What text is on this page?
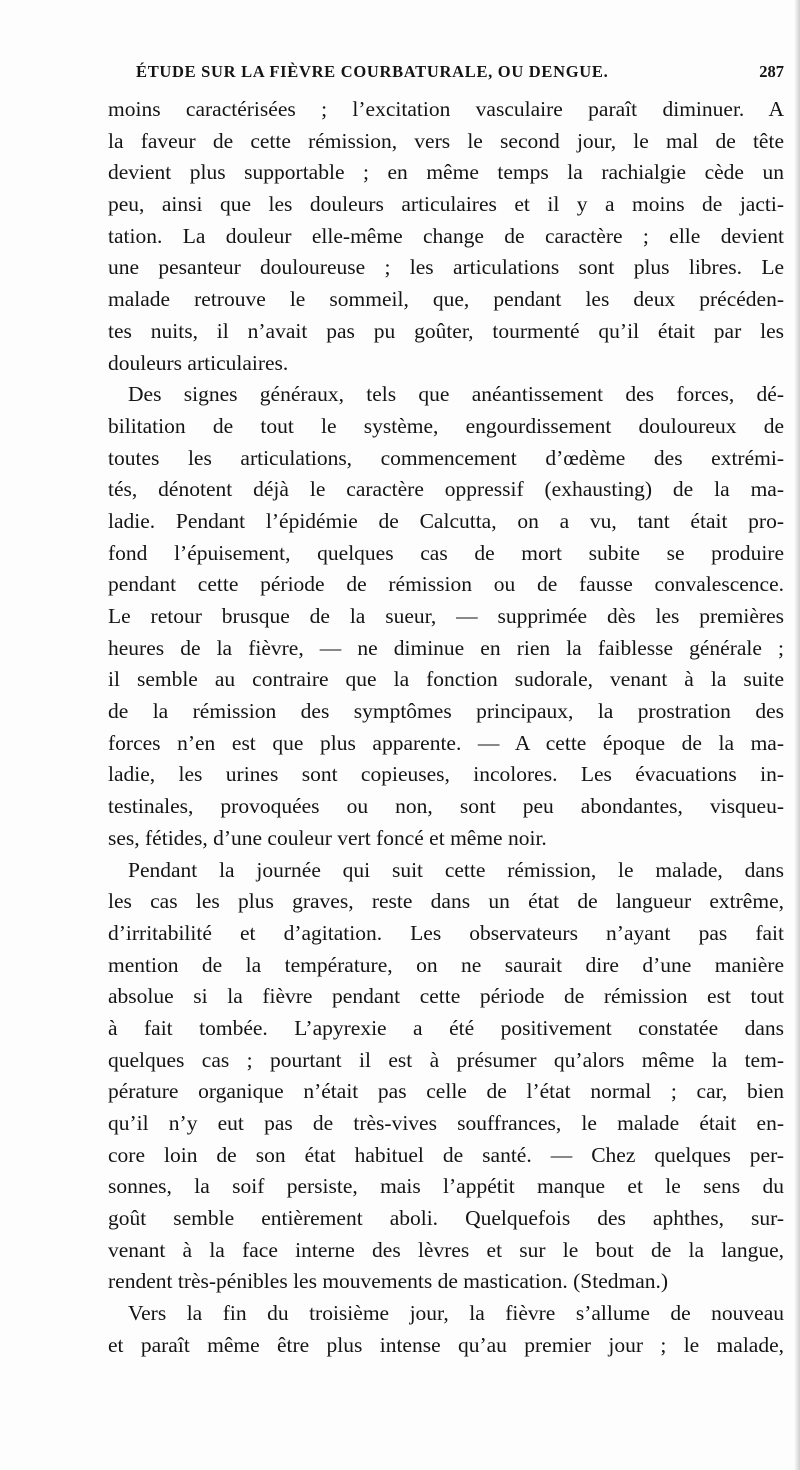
ÉTUDE SUR LA FIÈVRE COURBATURALE, OU DENGUE.	287
moins caractérisées ; l’excitation vasculaire paraît diminuer. A
la faveur de cette rémission, vers le second jour, le mal de tête
devient plus supportable ; en même temps la rachialgie cède un
peu, ainsi que les douleurs articulaires et il y a moins de jacti-
tation. La douleur elle-même change de caractère ; elle devient
une pesanteur douloureuse ; les articulations sont plus libres. Le
malade retrouve le sommeil, que, pendant les deux précéden-
tes nuits, il n’avait pas pu goûter, tourmenté qu’il était par les
douleurs articulaires.
Des signes généraux, tels que anéantissement des forces, dé-
bilitation de tout le système, engourdissement douloureux de
toutes les articulations, commencement d’œdème des extrémi-
tés, dénotent déjà le caractère oppressif (exhausting) de la ma-
ladie. Pendant l’épidémie de Calcutta, on a vu, tant était pro-
fond l’épuisement, quelques cas de mort subite se produire
pendant cette période de rémission ou de fausse convalescence.
Le retour brusque de la sueur, — supprimée dès les premières
heures de la fièvre, — ne diminue en rien la faiblesse générale ;
il semble au contraire que la fonction sudorale, venant à la suite
de la rémission des symptômes principaux, la prostration des
forces n’en est que plus apparente. — A cette époque de la ma-
ladie, les urines sont copieuses, incolores. Les évacuations in-
testinales, provoquées ou non, sont peu abondantes, visqueu-
ses, fétides, d’une couleur vert foncé et même noir.
Pendant la journée qui suit cette rémission, le malade, dans
les cas les plus graves, reste dans un état de langueur extrême,
d’irritabilité et d’agitation. Les observateurs n’ayant pas fait
mention de la température, on ne saurait dire d’une manière
absolue si la fièvre pendant cette période de rémission est tout
à fait tombée. L’apyrexie a été positivement constatée dans
quelques cas ; pourtant il est à présumer qu’alors même la tem-
pérature organique n’était pas celle de l’état normal ; car, bien
qu’il n’y eut pas de très-vives souffrances, le malade était en-
core loin de son état habituel de santé. — Chez quelques per-
sonnes, la soif persiste, mais l’appétit manque et le sens du
goût semble entièrement aboli. Quelquefois des aphthes, sur-
venant à la face interne des lèvres et sur le bout de la langue,
rendent très-pénibles les mouvements de mastication. (Stedman.)
Vers la fin du troisième jour, la fièvre s’allume de nouveau
et paraît même être plus intense qu’au premier jour ; le malade,
